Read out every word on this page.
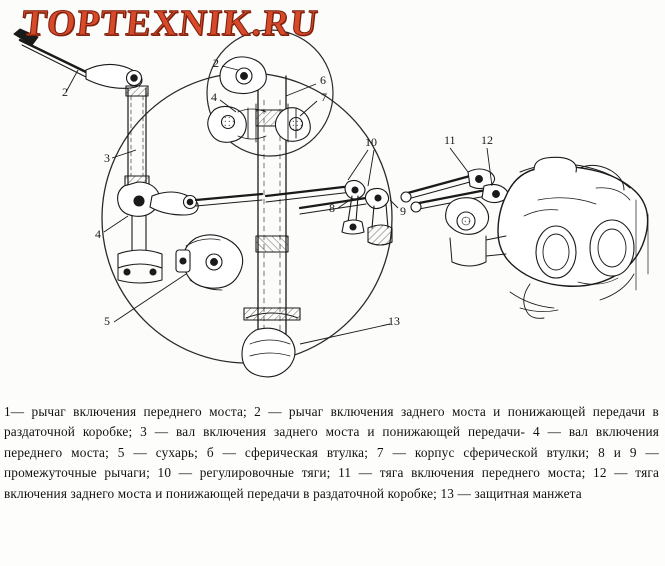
2
3
4
5
2
4
6
7
10
8	9
11 12
13
TOPTEXNIK.RU
1— рычаг включения переднего моста; 2 — рычаг включения заднего моста и понижающей передачи в раздаточной коробке; 3 — вал включения заднего моста и понижающей передачи- 4 — вал включения переднего моста; 5 — сухарь; б — сферическая втулка; 7 — корпус сферической втулки; 8 и 9 — промежуточные рычаги; 10 — регулировочные тяги; 11 — тяга включения переднего моста; 12 — тяга включения заднего моста и понижающей передачи в раздаточной коробке; 13 — защитная манжета
